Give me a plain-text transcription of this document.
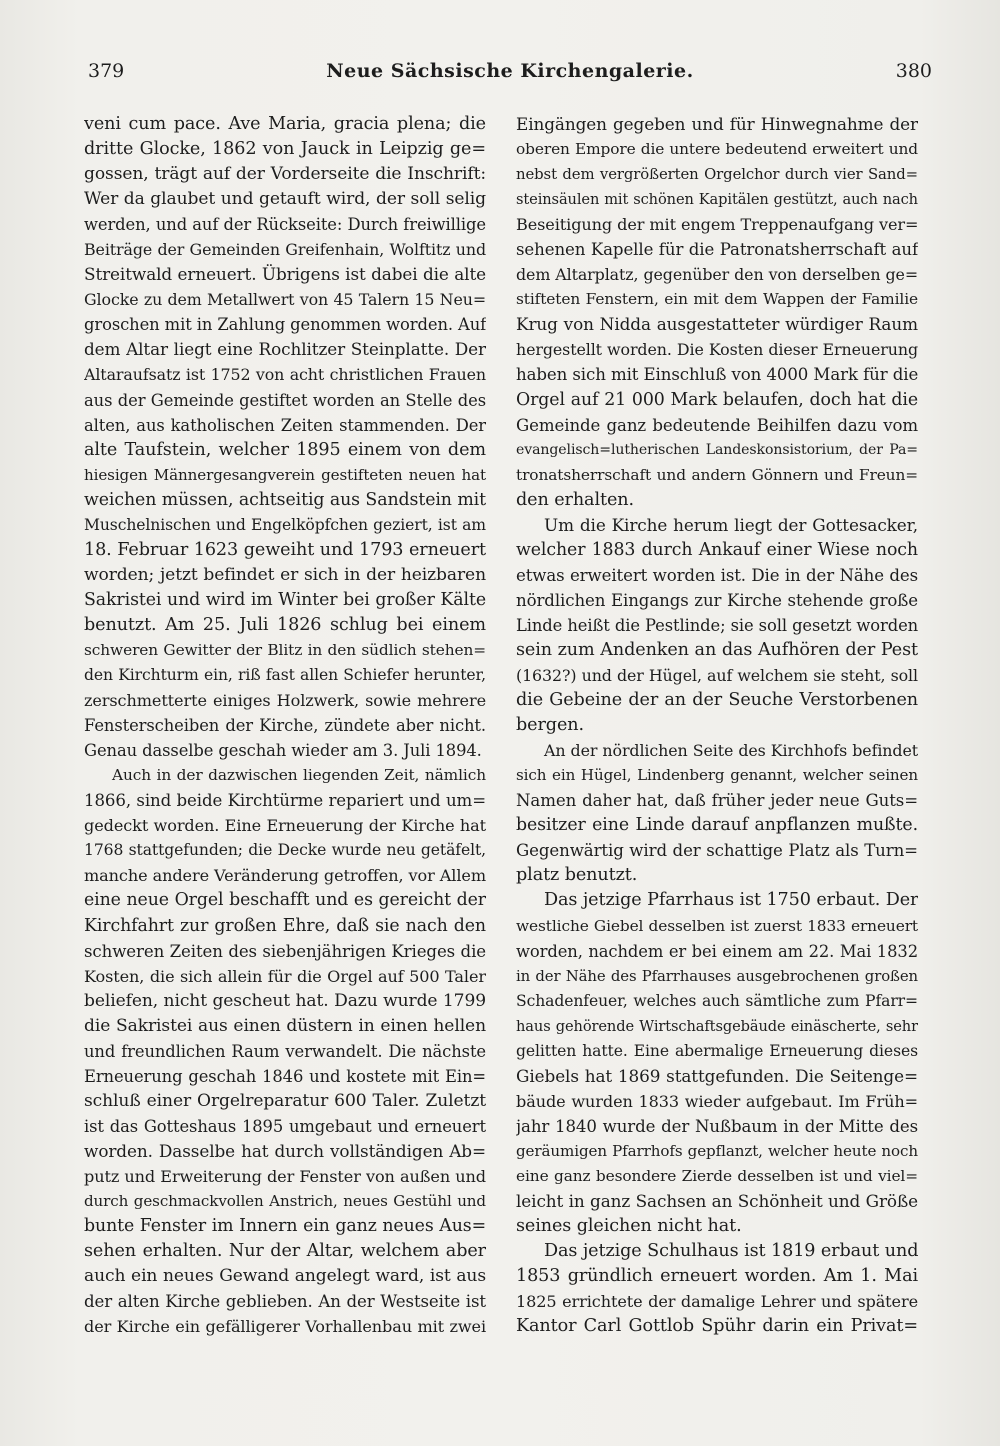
379	Neue Sächsische Kirchengalerie.	380
veni cum pace. Ave Maria, gracia plena; die
dritte Glocke, 1862 von Jauck in Leipzig ge=
gossen, trägt auf der Vorderseite die Inschrift:
Wer da glaubet und getauft wird, der soll selig
werden, und auf der Rückseite: Durch freiwillige
Beiträge der Gemeinden Greifenhain, Wolftitz und
Streitwald erneuert. Übrigens ist dabei die alte
Glocke zu dem Metallwert von 45 Talern 15 Neu=
groschen mit in Zahlung genommen worden. Auf
dem Altar liegt eine Rochlitzer Steinplatte. Der
Altaraufsatz ist 1752 von acht christlichen Frauen
aus der Gemeinde gestiftet worden an Stelle des
alten, aus katholischen Zeiten stammenden. Der
alte Taufstein, welcher 1895 einem von dem
hiesigen Männergesangverein gestifteten neuen hat
weichen müssen, achtseitig aus Sandstein mit
Muschelnischen und Engelköpfchen geziert, ist am
18. Februar 1623 geweiht und 1793 erneuert
worden; jetzt befindet er sich in der heizbaren
Sakristei und wird im Winter bei großer Kälte
benutzt. Am 25. Juli 1826 schlug bei einem
schweren Gewitter der Blitz in den südlich stehen=
den Kirchturm ein, riß fast allen Schiefer herunter,
zerschmetterte einiges Holzwerk, sowie mehrere
Fensterscheiben der Kirche, zündete aber nicht.
Genau dasselbe geschah wieder am 3. Juli 1894.
Auch in der dazwischen liegenden Zeit, nämlich
1866, sind beide Kirchtürme repariert und um=
gedeckt worden. Eine Erneuerung der Kirche hat
1768 stattgefunden; die Decke wurde neu getäfelt,
manche andere Veränderung getroffen, vor Allem
eine neue Orgel beschafft und es gereicht der
Kirchfahrt zur großen Ehre, daß sie nach den
schweren Zeiten des siebenjährigen Krieges die
Kosten, die sich allein für die Orgel auf 500 Taler
beliefen, nicht gescheut hat. Dazu wurde 1799
die Sakristei aus einen düstern in einen hellen
und freundlichen Raum verwandelt. Die nächste
Erneuerung geschah 1846 und kostete mit Ein=
schluß einer Orgelreparatur 600 Taler. Zuletzt
ist das Gotteshaus 1895 umgebaut und erneuert
worden. Dasselbe hat durch vollständigen Ab=
putz und Erweiterung der Fenster von außen und
durch geschmackvollen Anstrich, neues Gestühl und
bunte Fenster im Innern ein ganz neues Aus=
sehen erhalten. Nur der Altar, welchem aber
auch ein neues Gewand angelegt ward, ist aus
der alten Kirche geblieben. An der Westseite ist
der Kirche ein gefälligerer Vorhallenbau mit zwei
Eingängen gegeben und für Hinwegnahme der
oberen Empore die untere bedeutend erweitert und
nebst dem vergrößerten Orgelchor durch vier Sand=
steinsäulen mit schönen Kapitälen gestützt, auch nach
Beseitigung der mit engem Treppenaufgang ver=
sehenen Kapelle für die Patronatsherrschaft auf
dem Altarplatz, gegenüber den von derselben ge=
stifteten Fenstern, ein mit dem Wappen der Familie
Krug von Nidda ausgestatteter würdiger Raum
hergestellt worden. Die Kosten dieser Erneuerung
haben sich mit Einschluß von 4000 Mark für die
Orgel auf 21 000 Mark belaufen, doch hat die
Gemeinde ganz bedeutende Beihilfen dazu vom
evangelisch=lutherischen Landeskonsistorium, der Pa=
tronatsherrschaft und andern Gönnern und Freun=
den erhalten.
Um die Kirche herum liegt der Gottesacker,
welcher 1883 durch Ankauf einer Wiese noch
etwas erweitert worden ist. Die in der Nähe des
nördlichen Eingangs zur Kirche stehende große
Linde heißt die Pestlinde; sie soll gesetzt worden
sein zum Andenken an das Aufhören der Pest
(1632?) und der Hügel, auf welchem sie steht, soll
die Gebeine der an der Seuche Verstorbenen
bergen.
An der nördlichen Seite des Kirchhofs befindet
sich ein Hügel, Lindenberg genannt, welcher seinen
Namen daher hat, daß früher jeder neue Guts=
besitzer eine Linde darauf anpflanzen mußte.
Gegenwärtig wird der schattige Platz als Turn=
platz benutzt.
Das jetzige Pfarrhaus ist 1750 erbaut. Der
westliche Giebel desselben ist zuerst 1833 erneuert
worden, nachdem er bei einem am 22. Mai 1832
in der Nähe des Pfarrhauses ausgebrochenen großen
Schadenfeuer, welches auch sämtliche zum Pfarr=
haus gehörende Wirtschaftsgebäude einäscherte, sehr
gelitten hatte. Eine abermalige Erneuerung dieses
Giebels hat 1869 stattgefunden. Die Seitenge=
bäude wurden 1833 wieder aufgebaut. Im Früh=
jahr 1840 wurde der Nußbaum in der Mitte des
geräumigen Pfarrhofs gepflanzt, welcher heute noch
eine ganz besondere Zierde desselben ist und viel=
leicht in ganz Sachsen an Schönheit und Größe
seines gleichen nicht hat.
Das jetzige Schulhaus ist 1819 erbaut und
1853 gründlich erneuert worden. Am 1. Mai
1825 errichtete der damalige Lehrer und spätere
Kantor Carl Gottlob Spühr darin ein Privat=
